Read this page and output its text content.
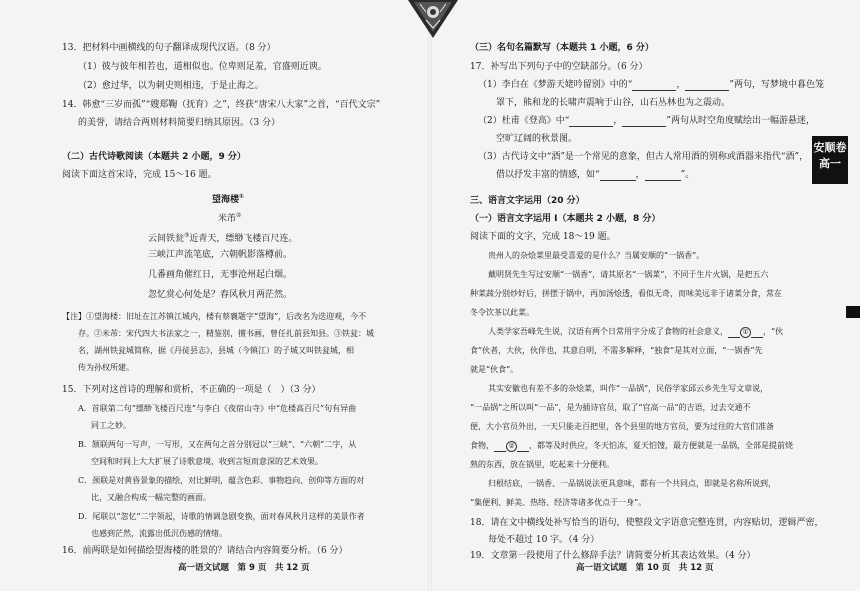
13．把材料中画横线的句子翻译成现代汉语。（8 分）
（1）彼与彼年相若也，道相似也。位卑则足羞，官盛则近谀。
（2）愈过华，以为刺史则相违，于是止海之。
14．韩愈“三岁而孤”“嫂郑鞠（抚育）之”，终获“唐宋八大家”之首，“百代文宗”
的美誉，请结合两则材料简要归纳其原因。（3 分）
（二）古代诗歌阅读（本题共 2 小题，9 分）
阅读下面这首宋诗，完成 15～16 题。
望海楼①
米芾②
云间铁瓮③近青天，缥缈飞楼百尺连。
三峡江声流笔底，六朝帆影落樽前。
几番画角催红日，无事沧州起白烟。
忽忆赏心何处是？春风秋月两茫然。
【注】①望海楼：旧址在江苏镇江城内，楼有蔡襄题字“望海”，后改名为迭迎观，今不
存。②米芾：宋代四大书法家之一，精鉴别，擅书画，曾任扎前县知县。③铁瓮：城
名，湖州铁瓮城简称，据《丹徒县志》，县城（今镇江）的子城又叫铁瓮城，相
传为孙权所建。
15．下列对这首诗的理解和赏析，不正确的一项是（　）（3 分）
A．首联第二句“缥缈飞楼百尺连”与李白《夜宿山寺》中“危楼高百尺”句有异曲
同工之妙。
B．颔联两句一写声，一写形，又在两句之首分别冠以“三峡”、“六朝”二字，从
空间和时间上大大扩展了诗歌意境，收到言短而意深的艺术效果。
C．颈联是对黄昏景象的描绘，对比鲜明，蕴含色彩、事物趋向、创仰等方面的对
比，又融合构成一幅完整的画面。
D．尾联以“忽忆”二字领起，诗歌的情调急剧变换，面对春风秋月这样的美景作者
也感到茫然，流露出低沉伤感的情绪。
16．前两联是如何描绘望海楼的胜景的？请结合内容简要分析。（6 分）
高一语文试题　第 9 页　共 12 页
（三）名句名篇默写（本题共 1 小题，6 分）
17．补写出下列句子中的空缺部分。（6 分）
（1）李白在《梦游天姥吟留别》中的“	，	”两句，写梦境中暮色笼
罩下，熊和龙的长啸声震响于山谷，山石丛林也为之震动。
（2）杜甫《登高》中“	，	”两句从时空角度赋绘出一幅游悬迷，
空旷辽阔的秋景图。
（3）古代诗文中“酒”是一个常见的意象，但古人常用酒的别称或酒器来指代“酒”，
借以抒发丰富的情感，如“	，	”。
三、语言文字运用（20 分）
（一）语言文字运用 Ⅰ（本题共 2 小题，8 分）
阅读下面的文字，完成 18～19 题。
贵州人的杂烩菜里最受喜爱的是什么？当属安顺的“一锅香”。
戴明贤先生写过安顺“一锅香”，请其原名“一锅菜”，不同于生片火锅，是把五六
种菜蔬分别炒好后，拼摆于锅中，再加汤烩透，看似无奇，而味美远非于诸菜分食，常在
冬令饮茶以此菜。
人类学家吾峰先生说，汉语有两个日常用字分成了食物的社会意义， ① ，“伙
食”伙者，大伙，伙伴也，其意自明，不需多解释，“独食”是其对立面，“一锅香”先
就是“伙食”。
其实安徽也有差不多的杂烩菜，叫作“一品锅”，民俗学家邱云乡先生写文章说，
“一品锅”之所以叫“一品”，是为插诗官员，取了“官高一品”的吉语，过去交通不
便，大小官员外出，一天只能走百把里，各个县里的地方官员，要为过往的大官们准备
食物， ② ，都等及时供应，冬天怕冻，夏天怕馊，最方便就是一品锅，全部是提前烧
熟的东西，放在锅里，吃起来十分便利。
归根结底，一锅香、一品锅说法更具意味，都有一个共同点，即就是名称所说到，
“集便利、鲜美、热络、经济等诸多优点于一身”。
18．请在文中横线处补写恰当的语句，使整段文字语意完整连贯，内容贴切，逻辑严密，
每处不超过 10 字。（4 分）
19．文章第一段使用了什么修辞手法？请简要分析其表达效果。（4 分）
高一语文试题　第 10 页　共 12 页
安顺卷
高一
